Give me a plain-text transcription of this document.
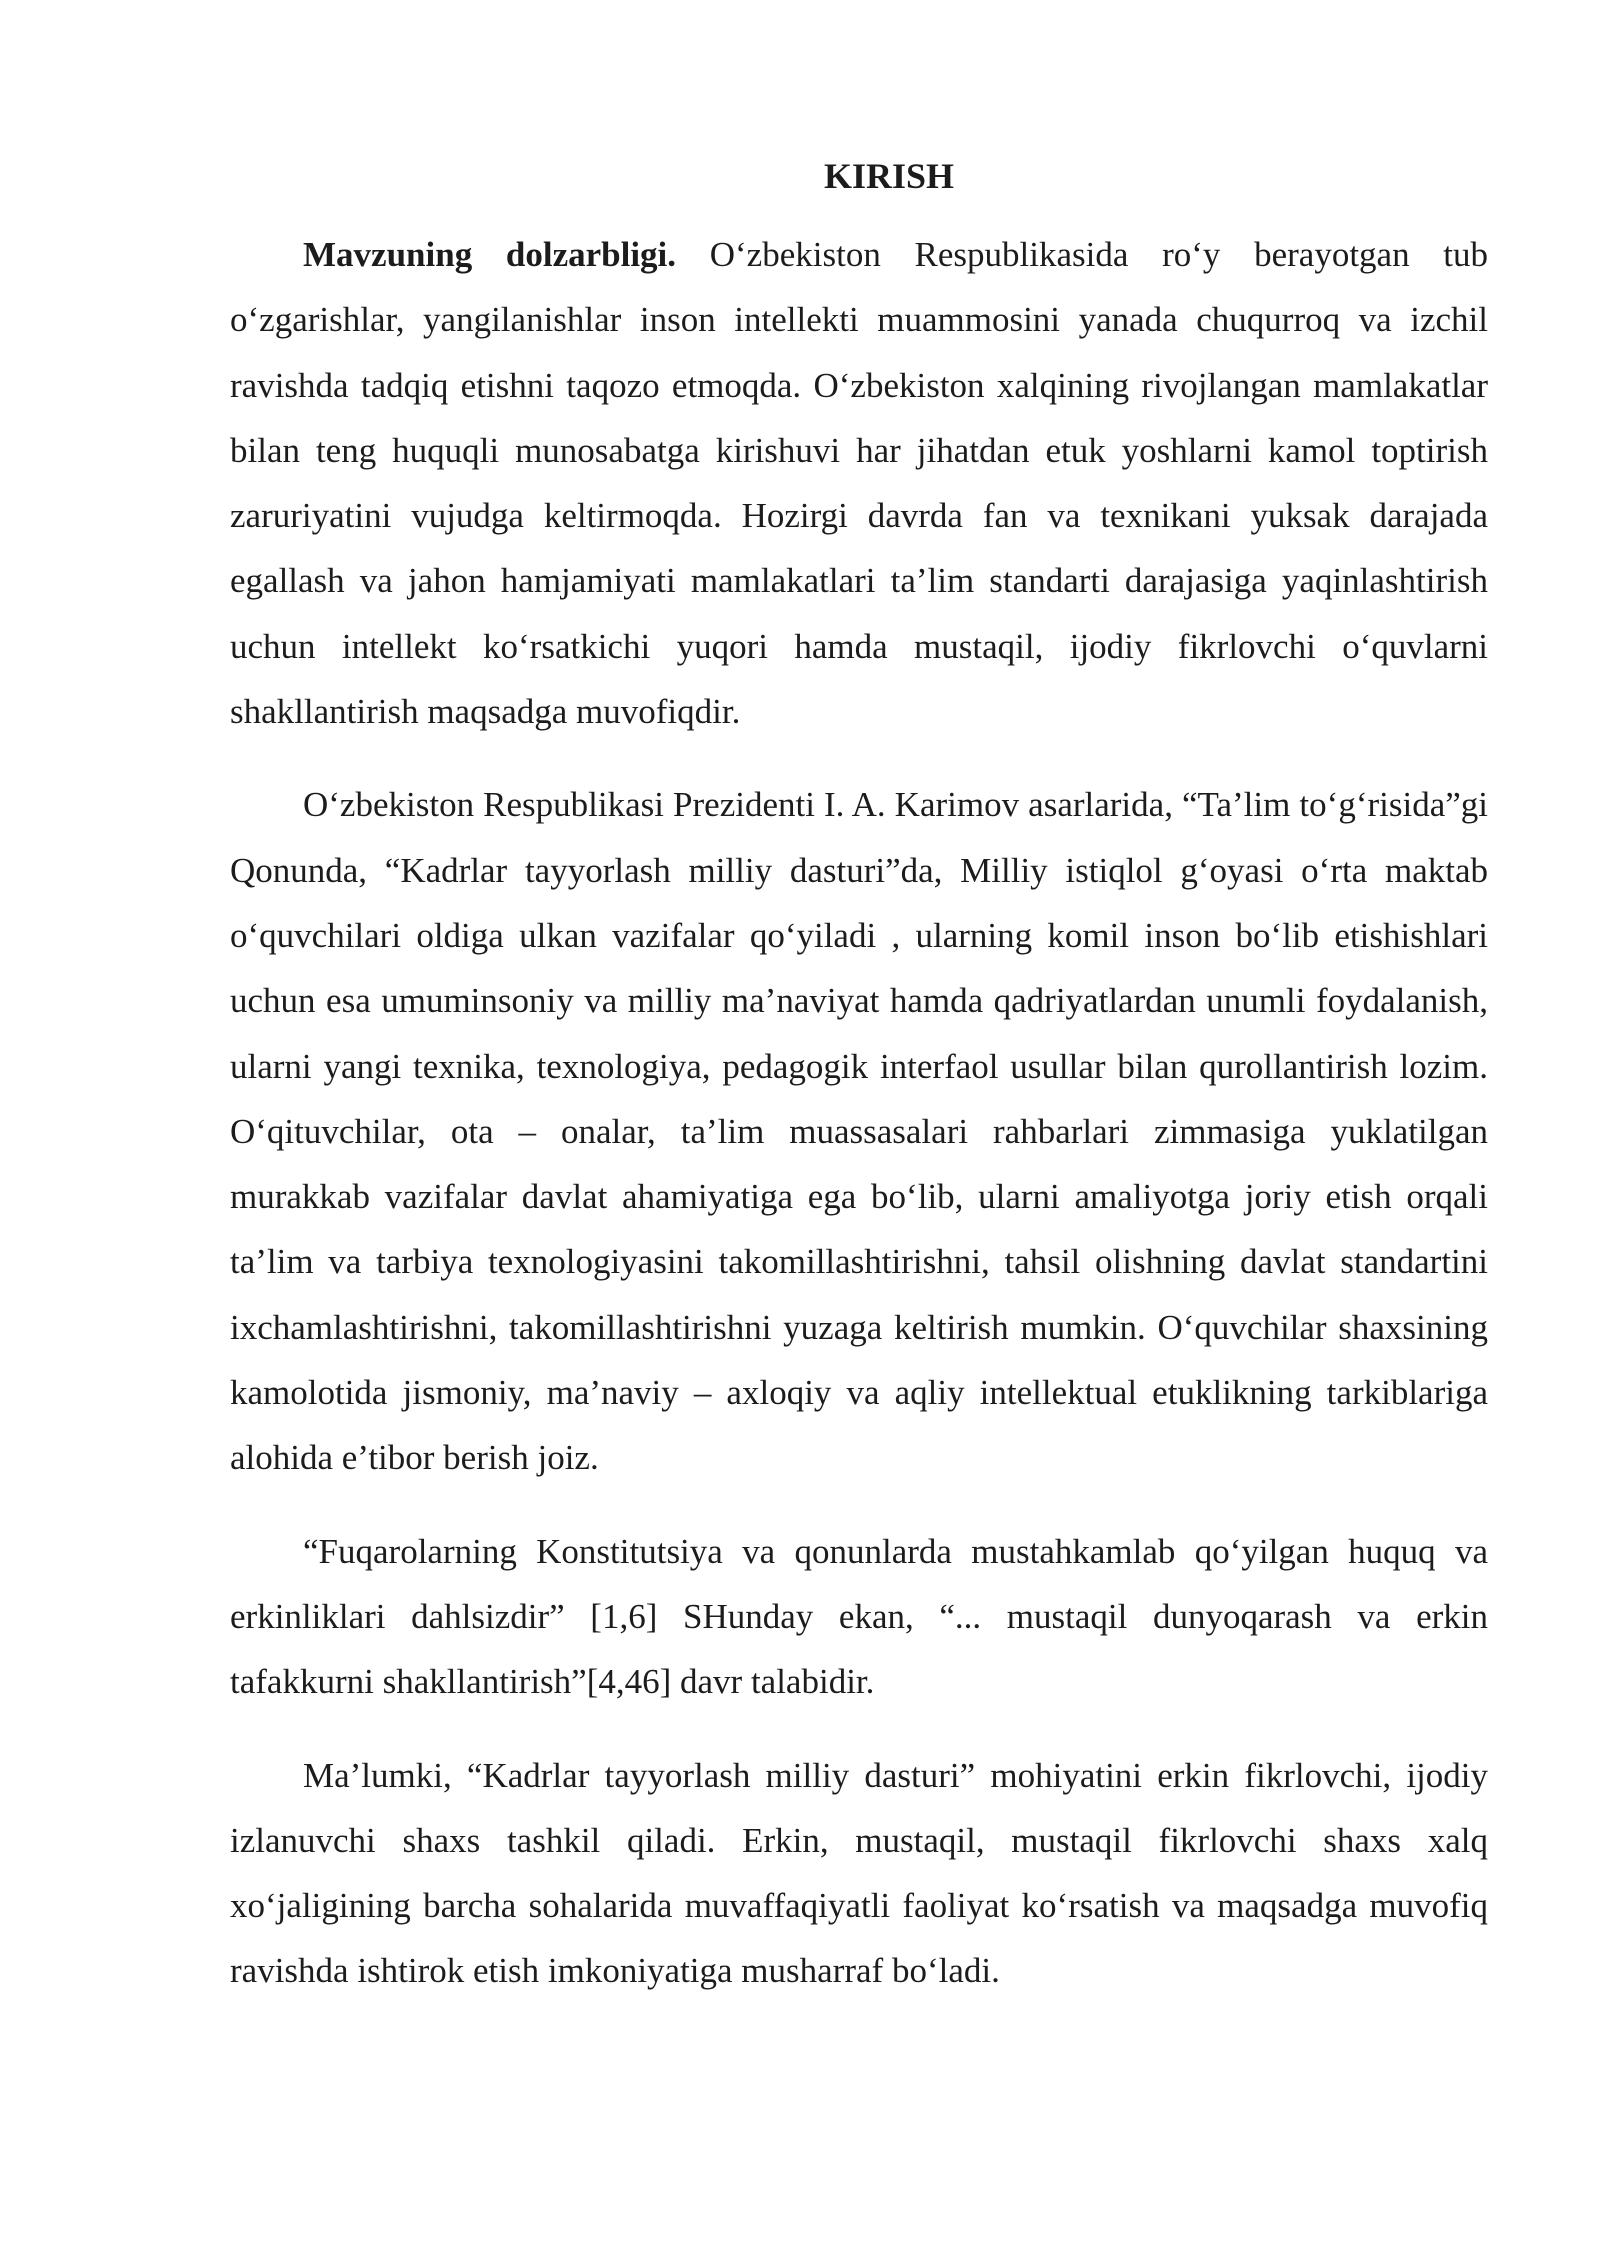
KIRISH

Mavzuning dolzarbligi. O‘zbekiston Respublikasida ro‘y berayotgan tub o‘zgarishlar, yangilanishlar inson intellekti muammosini yanada chuqurroq va izchil ravishda tadqiq etishni taqozo etmoqda. O‘zbekiston xalqining rivojlangan mamlakatlar bilan teng huquqli munosabatga kirishuvi har jihatdan etuk yoshlarni kamol toptirish zaruriyatini vujudga keltirmoqda. Hozirgi davrda fan va texnikani yuksak darajada egallash va jahon hamjamiyati mamlakatlari ta’lim standarti darajasiga yaqinlashtirish uchun intellekt ko‘rsatkichi yuqori hamda mustaqil, ijodiy fikrlovchi o‘quvlarni shakllantirish maqsadga muvofiqdir.

O‘zbekiston Respublikasi Prezidenti I. A. Karimov asarlarida, “Ta’lim to‘g‘risida”gi Qonunda, “Kadrlar tayyorlash milliy dasturi”da, Milliy istiqlol g‘oyasi o‘rta maktab o‘quvchilari oldiga ulkan vazifalar qo‘yiladi , ularning komil inson bo‘lib etishishlari uchun esa umuminsoniy va milliy ma’naviyat hamda qadriyatlardan unumli foydalanish, ularni yangi texnika, texnologiya, pedagogik interfaol usullar bilan qurollantirish lozim. O‘qituvchilar, ota – onalar, ta’lim muassasalari rahbarlari zimmasiga yuklatilgan murakkab vazifalar davlat ahamiyatiga ega bo‘lib, ularni amaliyotga joriy etish orqali ta’lim va tarbiya texnologiyasini takomillashtirishni, tahsil olishning davlat standartini ixchamlashtirishni, takomillashtirishni yuzaga keltirish mumkin. O‘quvchilar shaxsining kamolotida jismoniy, ma’naviy – axloqiy va aqliy intellektual etuklikning tarkiblariga alohida e’tibor berish joiz.

“Fuqarolarning Konstitutsiya va qonunlarda mustahkamlab qo‘yilgan huquq va erkinliklari dahlsizdir” [1,6] SHunday ekan, “... mustaqil dunyoqarash va erkin tafakkurni shakllantirish”[4,46] davr talabidir.

Ma’lumki, “Kadrlar tayyorlash milliy dasturi” mohiyatini erkin fikrlovchi, ijodiy izlanuvchi shaxs tashkil qiladi. Erkin, mustaqil, mustaqil fikrlovchi shaxs xalq xo‘jaligining barcha sohalarida muvaffaqiyatli faoliyat ko‘rsatish va maqsadga muvofiq ravishda ishtirok etish imkoniyatiga musharraf bo‘ladi.
